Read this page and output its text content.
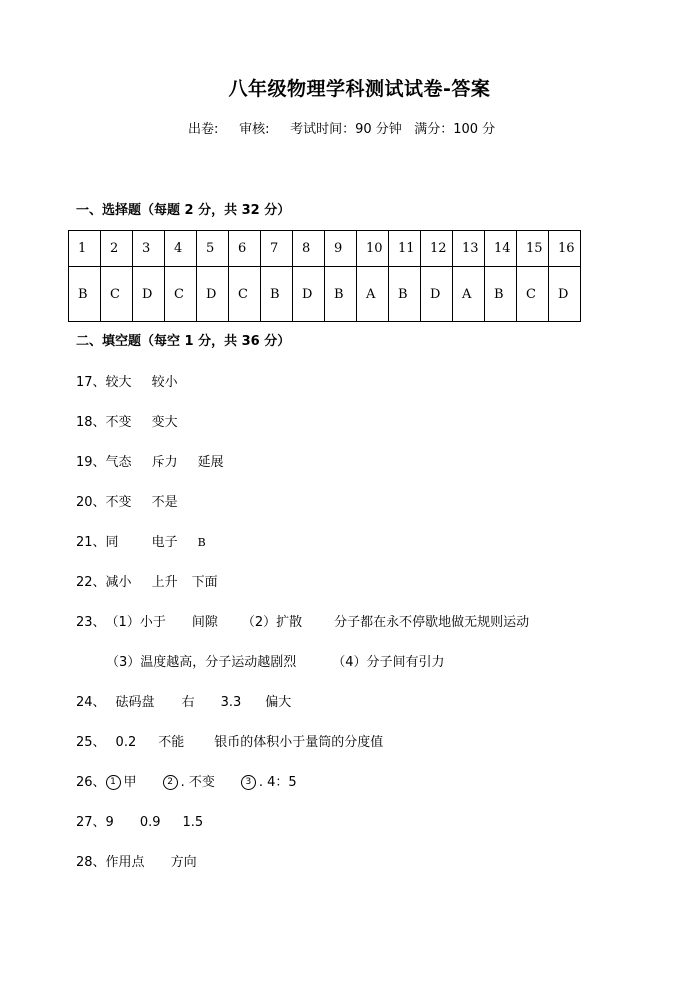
八年级物理学科测试试卷-答案
出卷: 审核: 考试时间：90 分钟 满分：100 分
一、选择题（每题 2 分，共 32 分）
1	2	3	4	5	6	7	8	9	10	11	12	13	14	15	16
B	C	D	C	D	C	B	D	B	A	B	D	A	B	C	D
二、填空题（每空 1 分，共 36 分）
17、较大 较小
18、不变 变大
19、气态 斥力 延展
20、不变 不是
21、同	电子 B
22、减小 上升 下面
23、（1）小于 间隙 （2）扩散 分子都在永不停歇地做无规则运动
（3）温度越高，分子运动越剧烈	（4）分子间有引力
24、 砝码盘 右 3.3 偏大
25、 0.2 不能 银币的体积小于量筒的分度值
26、 1 甲	2 . 不变	3 . 4：5
27、9 0.9 1.5
28、作用点 方向
